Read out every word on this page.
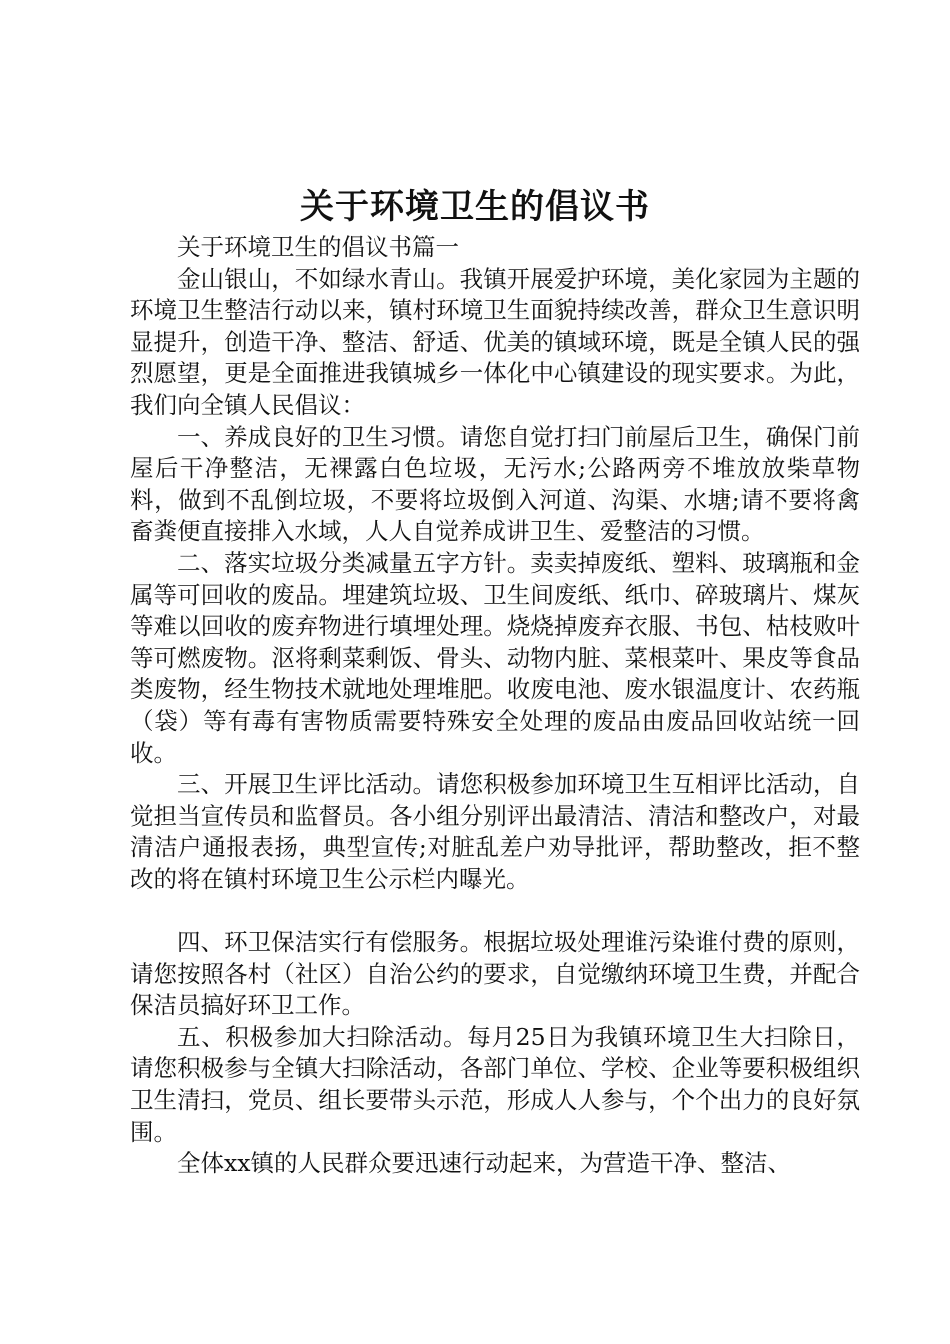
关于环境卫生的倡议书

关于环境卫生的倡议书篇一

金山银山，不如绿水青山。我镇开展爱护环境，美化家园为主题的环境卫生整洁行动以来，镇村环境卫生面貌持续改善，群众卫生意识明显提升，创造干净、整洁、舒适、优美的镇域环境，既是全镇人民的强烈愿望，更是全面推进我镇城乡一体化中心镇建设的现实要求。为此，我们向全镇人民倡议：

一、养成良好的卫生习惯。请您自觉打扫门前屋后卫生，确保门前屋后干净整洁，无裸露白色垃圾，无污水;公路两旁不堆放放柴草物料，做到不乱倒垃圾，不要将垃圾倒入河道、沟渠、水塘;请不要将禽畜粪便直接排入水域，人人自觉养成讲卫生、爱整洁的习惯。

二、落实垃圾分类减量五字方针。卖卖掉废纸、塑料、玻璃瓶和金属等可回收的废品。埋建筑垃圾、卫生间废纸、纸巾、碎玻璃片、煤灰等难以回收的废弃物进行填埋处理。烧烧掉废弃衣服、书包、枯枝败叶等可燃废物。沤将剩菜剩饭、骨头、动物内脏、菜根菜叶、果皮等食品类废物，经生物技术就地处理堆肥。收废电池、废水银温度计、农药瓶（袋）等有毒有害物质需要特殊安全处理的废品由废品回收站统一回收。

三、开展卫生评比活动。请您积极参加环境卫生互相评比活动，自觉担当宣传员和监督员。各小组分别评出最清洁、清洁和整改户，对最清洁户通报表扬，典型宣传;对脏乱差户劝导批评，帮助整改，拒不整改的将在镇村环境卫生公示栏内曝光。

四、环卫保洁实行有偿服务。根据垃圾处理谁污染谁付费的原则，请您按照各村（社区）自治公约的要求，自觉缴纳环境卫生费，并配合保洁员搞好环卫工作。

五、积极参加大扫除活动。每月25日为我镇环境卫生大扫除日，请您积极参与全镇大扫除活动，各部门单位、学校、企业等要积极组织卫生清扫，党员、组长要带头示范，形成人人参与，个个出力的良好氛围。

全体xx镇的人民群众要迅速行动起来，为营造干净、整洁、
